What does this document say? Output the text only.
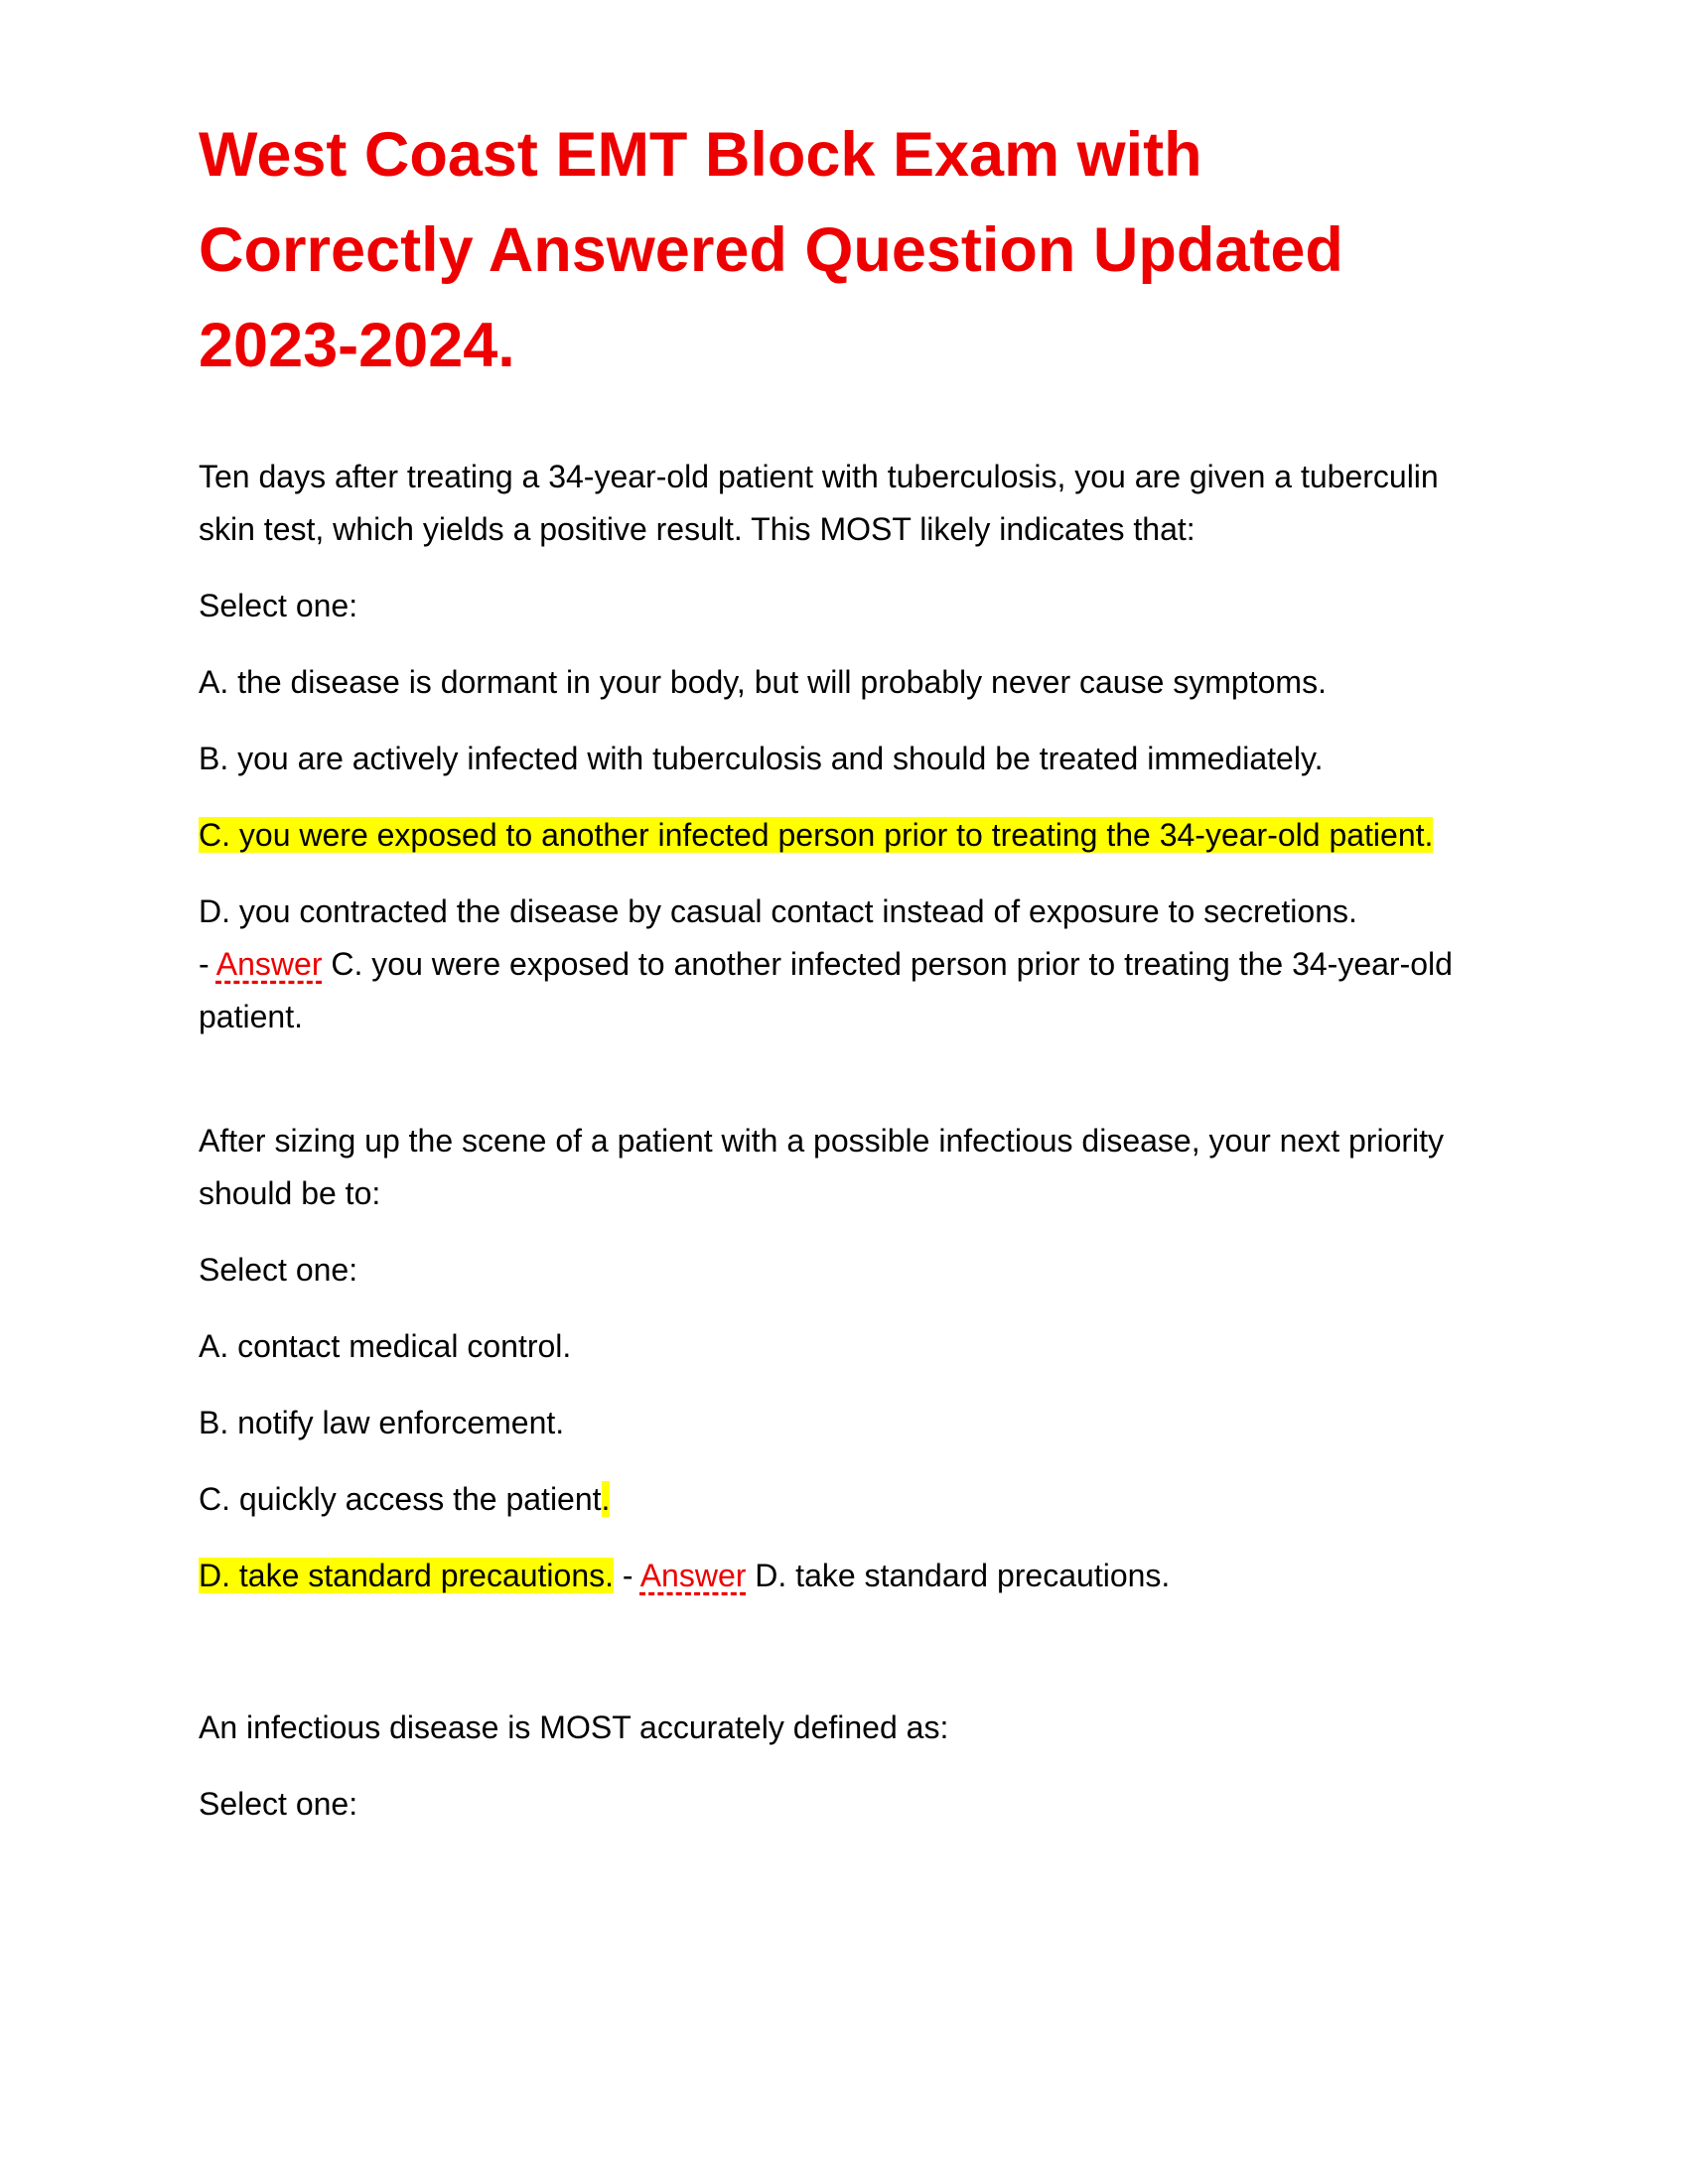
West Coast EMT Block Exam with Correctly Answered Question Updated 2023-2024.

Ten days after treating a 34-year-old patient with tuberculosis, you are given a tuberculin skin test, which yields a positive result. This MOST likely indicates that:

Select one:

A. the disease is dormant in your body, but will probably never cause symptoms.

B. you are actively infected with tuberculosis and should be treated immediately.

C. you were exposed to another infected person prior to treating the 34-year-old patient.

D. you contracted the disease by casual contact instead of exposure to secretions.
- Answer C. you were exposed to another infected person prior to treating the 34-year-old patient.

After sizing up the scene of a patient with a possible infectious disease, your next priority should be to:

Select one:

A. contact medical control.

B. notify law enforcement.

C. quickly access the patient.

D. take standard precautions. - Answer D. take standard precautions.

An infectious disease is MOST accurately defined as:

Select one:
